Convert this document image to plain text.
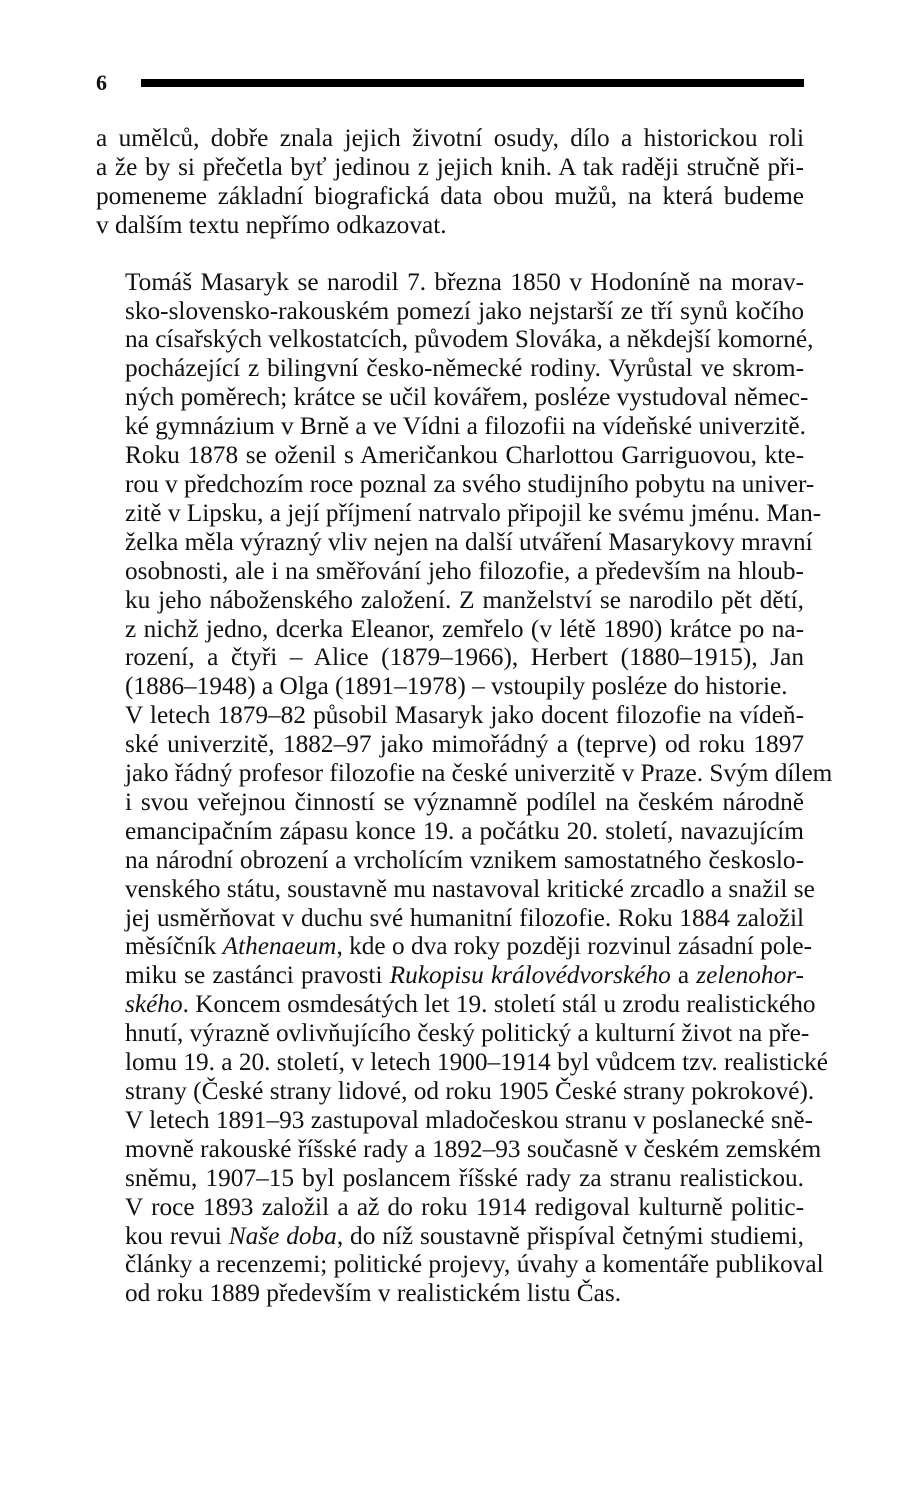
6

a umělců, dobře znala jejich životní osudy, dílo a historickou roli
a že by si přečetla byť jedinou z jejich knih. A tak raději stručně při-
pomeneme základní biografická data obou mužů, na která budeme
v dalším textu nepřímo odkazovat.

Tomáš Masaryk se narodil 7. března 1850 v Hodoníně na morav-
sko-slovensko-rakouském pomezí jako nejstarší ze tří synů kočího
na císařských velkostatcích, původem Slováka, a někdejší komorné,
pocházející z bilingvní česko-německé rodiny. Vyrůstal ve skrom-
ných poměrech; krátce se učil kovářem, posléze vystudoval němec-
ké gymnázium v Brně a ve Vídni a filozofii na vídeňské univerzitě.
Roku 1878 se oženil s Američankou Charlottou Garriguovou, kte-
rou v předchozím roce poznal za svého studijního pobytu na univer-
zitě v Lipsku, a její příjmení natrvalo připojil ke svému jménu. Man-
želka měla výrazný vliv nejen na další utváření Masarykovy mravní
osobnosti, ale i na směřování jeho filozofie, a především na hloub-
ku jeho náboženského založení. Z manželství se narodilo pět dětí,
z nichž jedno, dcerka Eleanor, zemřelo (v létě 1890) krátce po na-
rození, a čtyři – Alice (1879–1966), Herbert (1880–1915), Jan
(1886–1948) a Olga (1891–1978) – vstoupily posléze do historie.

V letech 1879–82 působil Masaryk jako docent filozofie na vídeň-
ské univerzitě, 1882–97 jako mimořádný a (teprve) od roku 1897
jako řádný profesor filozofie na české univerzitě v Praze. Svým dílem
i svou veřejnou činností se významně podílel na českém národně
emancipačním zápasu konce 19. a počátku 20. století, navazujícím
na národní obrození a vrcholícím vznikem samostatného českoslo-
venského státu, soustavně mu nastavoval kritické zrcadlo a snažil se
jej usměrňovat v duchu své humanitní filozofie. Roku 1884 založil
měsíčník Athenaeum, kde o dva roky později rozvinul zásadní pole-
miku se zastánci pravosti Rukopisu královédvorského a zelenohor-
ského. Koncem osmdesátých let 19. století stál u zrodu realistického
hnutí, výrazně ovlivňujícího český politický a kulturní život na pře-
lomu 19. a 20. století, v letech 1900–1914 byl vůdcem tzv. realistické
strany (České strany lidové, od roku 1905 České strany pokrokové).
V letech 1891–93 zastupoval mladočeskou stranu v poslanecké sně-
movně rakouské říšské rady a 1892–93 současně v českém zemském
sněmu, 1907–15 byl poslancem říšské rady za stranu realistickou.
V roce 1893 založil a až do roku 1914 redigoval kulturně politic-
kou revui Naše doba, do níž soustavně přispíval četnými studiemi,
články a recenzemi; politické projevy, úvahy a komentáře publikoval
od roku 1889 především v realistickém listu Čas.
